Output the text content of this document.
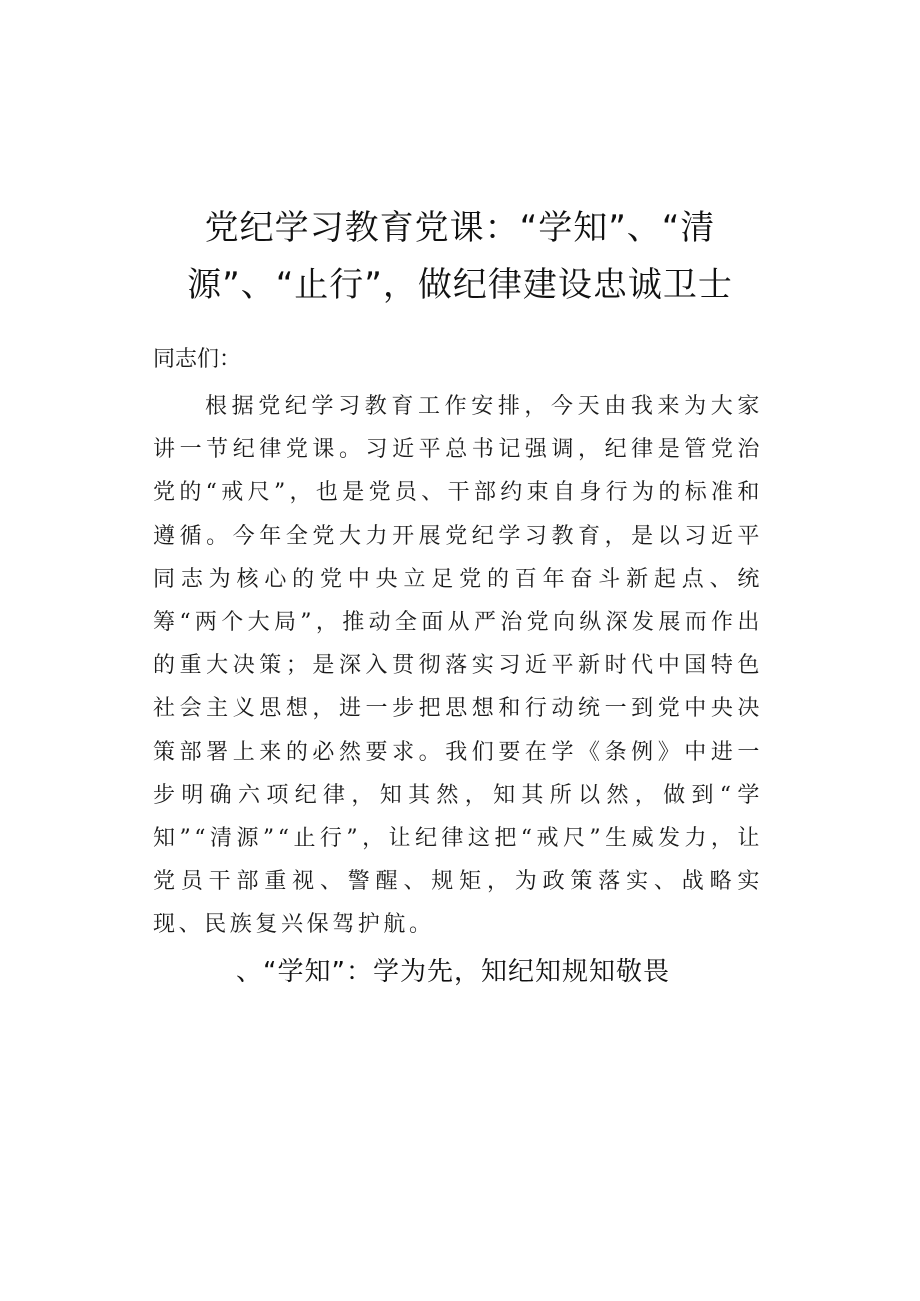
党纪学习教育党课：“学知”、“清
源”、“止行”，做纪律建设忠诚卫士

同志们：

根据党纪学习教育工作安排，今天由我来为大家讲一节纪律党课。习近平总书记强调，纪律是管党治党的“戒尺”，也是党员、干部约束自身行为的标准和遵循。今年全党大力开展党纪学习教育，是以习近平同志为核心的党中央立足党的百年奋斗新起点、统筹“两个大局”，推动全面从严治党向纵深发展而作出的重大决策；是深入贯彻落实习近平新时代中国特色社会主义思想，进一步把思想和行动统一到党中央决策部署上来的必然要求。我们要在学《条例》中进一步明确六项纪律，知其然，知其所以然，做到“学知”“清源”“止行”，让纪律这把“戒尺”生威发力，让党员干部重视、警醒、规矩，为政策落实、战略实现、民族复兴保驾护航。

、“学知”：学为先，知纪知规知敬畏
